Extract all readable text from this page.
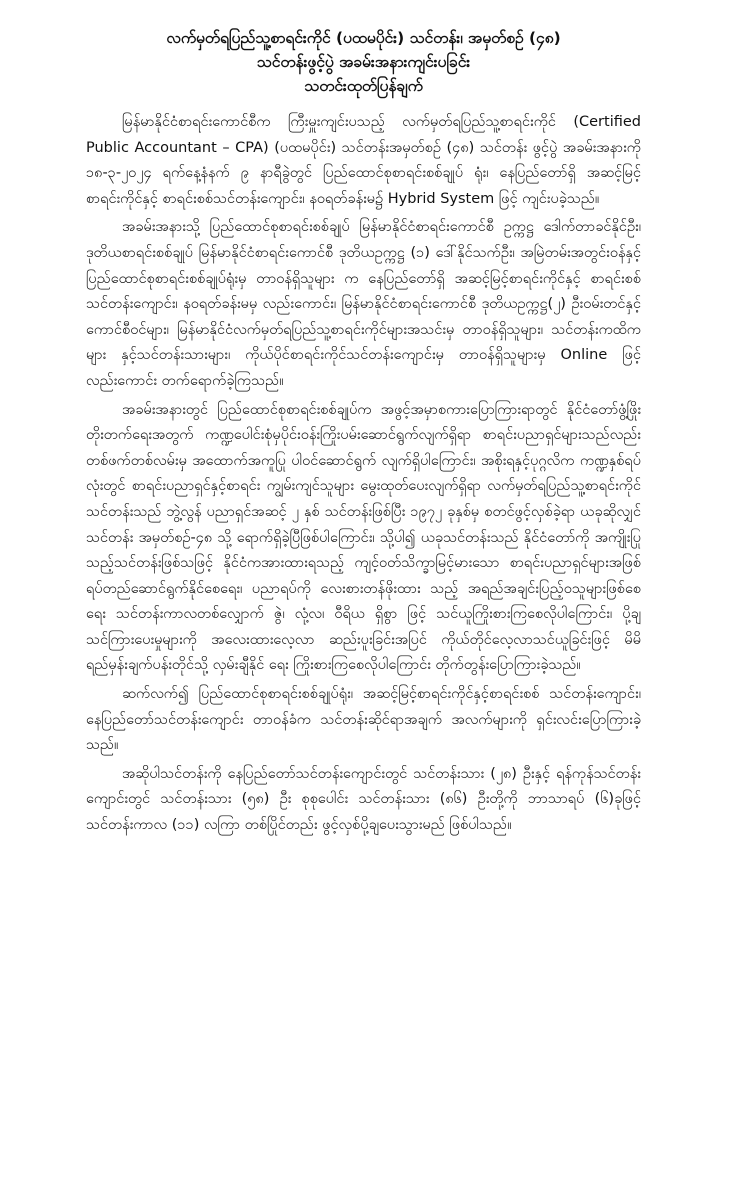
လက်မှတ်ရပြည်သူ့စာရင်းကိုင် (ပထမပိုင်း) သင်တန်း၊ အမှတ်စဉ် (၄၈)

သင်တန်းဖွင့်ပွဲ အခမ်းအနားကျင်းပခြင်း

သတင်းထုတ်ပြန်ချက်

မြန်မာနိုင်ငံစာရင်းကောင်စီက ကြီးမှူးကျင်းပသည့် လက်မှတ်ရပြည်သူ့စာရင်းကိုင် (Certified Public Accountant – CPA) (ပထမပိုင်း) သင်တန်းအမှတ်စဉ် (၄၈) သင်တန်း ဖွင့်ပွဲ အခမ်းအနားကို ၁၈-၃-၂၀၂၄ ရက်နေ့နံနက် ၉ နာရီခွဲတွင် ပြည်ထောင်စုစာရင်းစစ်ချုပ် ရုံး၊ နေပြည်တော်ရှိ အဆင့်မြင့်စာရင်းကိုင်နှင့် စာရင်းစစ်သင်တန်းကျောင်း၊ နဝရတ်ခန်းမ၌ Hybrid System ဖြင့် ကျင်းပခဲ့သည်။

အခမ်းအနားသို့ ပြည်ထောင်စုစာရင်းစစ်ချုပ် မြန်မာနိုင်ငံစာရင်းကောင်စီ ဥက္ကဋ္ဌ ဒေါက်တာခင်နိုင်ဦး၊ ဒုတိယစာရင်းစစ်ချုပ် မြန်မာနိုင်ငံစာရင်းကောင်စီ ဒုတိယဥက္ကဋ္ဌ (၁) ဒေါ်နိုင်သက်ဦး၊ အမြဲတမ်းအတွင်းဝန်နှင့် ပြည်ထောင်စုစာရင်းစစ်ချုပ်ရုံးမှ တာဝန်ရှိသူများ က နေပြည်တော်ရှိ အဆင့်မြင့်စာရင်းကိုင်နှင့် စာရင်းစစ်သင်တန်းကျောင်း၊ နဝရတ်ခန်းမမှ လည်းကောင်း၊ မြန်မာနိုင်ငံစာရင်းကောင်စီ ဒုတိယဥက္ကဋ္ဌ(၂) ဦးဝမ်းတင်နှင့်ကောင်စီဝင်များ၊ မြန်မာနိုင်ငံလက်မှတ်ရပြည်သူ့စာရင်းကိုင်များအသင်းမှ တာဝန်ရှိသူများ၊ သင်တန်းကထိကများ နှင့်သင်တန်းသားများ၊ ကိုယ်ပိုင်စာရင်းကိုင်သင်တန်းကျောင်းမှ တာဝန်ရှိသူများမှ Online ဖြင့် လည်းကောင်း တက်ရောက်ခဲ့ကြသည်။

အခမ်းအနားတွင် ပြည်ထောင်စုစာရင်းစစ်ချုပ်က အဖွင့်အမှာစကားပြောကြားရာတွင် နိုင်ငံတော်ဖွံ့ဖြိုးတိုးတက်ရေးအတွက် ကဏ္ဍပေါင်းစုံမှပိုင်းဝန်းကြိုးပမ်းဆောင်ရွက်လျက်ရှိရာ စာရင်းပညာရှင်များသည်လည်း တစ်ဖက်တစ်လမ်းမှ အထောက်အကူပြု ပါဝင်ဆောင်ရွက် လျက်ရှိပါကြောင်း၊ အစိုးရနှင့်ပုဂ္ဂလိက ကဏ္ဍနှစ်ရပ်လုံးတွင် စာရင်းပညာရှင်နှင့်စာရင်း ကျွမ်းကျင်သူများ မွေးထုတ်ပေးလျက်ရှိရာ လက်မှတ်ရပြည်သူ့စာရင်းကိုင်သင်တန်းသည် ဘွဲ့လွန် ပညာရှင်အဆင့် ၂ နှစ် သင်တန်းဖြစ်ပြီး ၁၉၇၂ ခုနှစ်မှ စတင်ဖွင့်လှစ်ခဲ့ရာ ယခုဆိုလျှင် သင်တန်း အမှတ်စဉ်-၄၈ သို့ ရောက်ရှိခဲ့ပြီဖြစ်ပါကြောင်း၊ သို့ပါ၍ ယခုသင်တန်းသည် နိုင်ငံတော်ကို အကျိုးပြုသည့်သင်တန်းဖြစ်သဖြင့် နိုင်ငံကအားထားရသည့် ကျင့်ဝတ်သိက္ခာမြင့်မားသော စာရင်းပညာရှင်များအဖြစ် ရပ်တည်ဆောင်ရွက်နိုင်စေရေး၊ ပညာရပ်ကို လေးစားတန်ဖိုးထား သည့် အရည်အချင်းပြည့်ဝသူများဖြစ်စေရေး သင်တန်းကာလတစ်လျှောက် ဇွဲ၊ လုံ့လ၊ ဝီရိယ ရှိစွာ ဖြင့် သင်ယူကြိုးစားကြစေလိုပါကြောင်း၊ ပို့ချသင်ကြားပေးမှုများကို အလေးထားလေ့လာ ဆည်းပူးခြင်းအပြင် ကိုယ်တိုင်လေ့လာသင်ယူခြင်းဖြင့် မိမိရည်မှန်းချက်ပန်းတိုင်သို့ လှမ်းချီနိုင် ရေး ကြိုးစားကြစေလိုပါကြောင်း တိုက်တွန်းပြောကြားခဲ့သည်။

ဆက်လက်၍ ပြည်ထောင်စုစာရင်းစစ်ချုပ်ရုံး၊ အဆင့်မြင့်စာရင်းကိုင်နှင့်စာရင်းစစ် သင်တန်းကျောင်း၊ နေပြည်တော်သင်တန်းကျောင်း တာဝန်ခံက သင်တန်းဆိုင်ရာအချက် အလက်များကို ရှင်းလင်းပြောကြားခဲ့သည်။

အဆိုပါသင်တန်းကို နေပြည်တော်သင်တန်းကျောင်းတွင် သင်တန်းသား (၂၈) ဦးနှင့် ရန်ကုန်သင်တန်းကျောင်းတွင် သင်တန်းသား (၅၈) ဦး စုစုပေါင်း သင်တန်းသား (၈၆) ဦးတို့ကို ဘာသာရပ် (၆)ခုဖြင့် သင်တန်းကာလ (၁၁) လကြာ တစ်ပြိုင်တည်း ဖွင့်လှစ်ပို့ချပေးသွားမည် ဖြစ်ပါသည်။
